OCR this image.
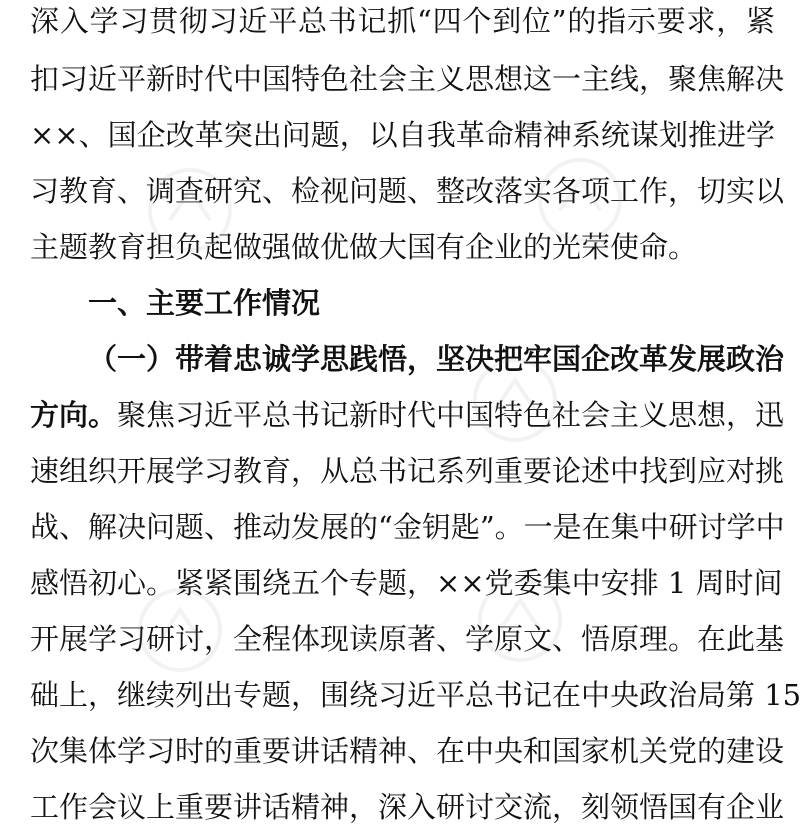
深入学习贯彻习近平总书记抓“四个到位”的指示要求，紧
扣习近平新时代中国特色社会主义思想这一主线，聚焦解决
××、国企改革突出问题，以自我革命精神系统谋划推进学
习教育、调查研究、检视问题、整改落实各项工作，切实以
主题教育担负起做强做优做大国有企业的光荣使命。
一、主要工作情况
（一）带着忠诚学思践悟，坚决把牢国企改革发展政治
方向。聚焦习近平总书记新时代中国特色社会主义思想，迅
速组织开展学习教育，从总书记系列重要论述中找到应对挑
战、解决问题、推动发展的“金钥匙”。一是在集中研讨学中
感悟初心。紧紧围绕五个专题，××党委集中安排 1 周时间
开展学习研讨，全程体现读原著、学原文、悟原理。在此基
础上，继续列出专题，围绕习近平总书记在中央政治局第 15
次集体学习时的重要讲话精神、在中央和国家机关党的建设
工作会议上重要讲话精神，深入研讨交流，刻领悟国有企业
